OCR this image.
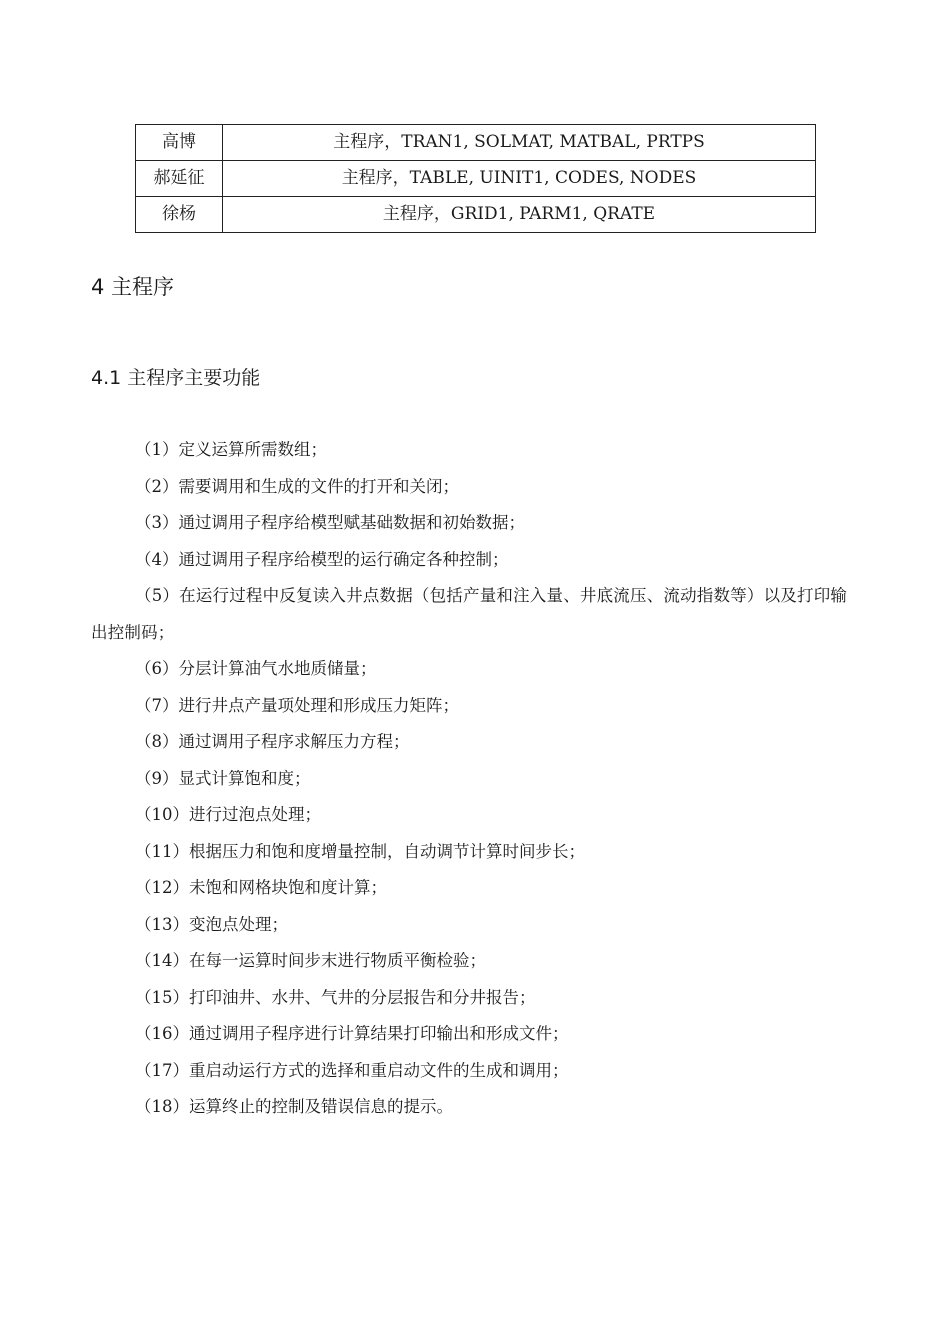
高博	主程序，TRAN1, SOLMAT, MATBAL, PRTPS
郝延征	主程序，TABLE, UINIT1, CODES, NODES
徐杨	主程序，GRID1, PARM1, QRATE
4 主程序
4.1 主程序主要功能
（1）定义运算所需数组；
（2）需要调用和生成的文件的打开和关闭；
（3）通过调用子程序给模型赋基础数据和初始数据；
（4）通过调用子程序给模型的运行确定各种控制；
（5）在运行过程中反复读入井点数据（包括产量和注入量、井底流压、流动指数等）以及打印输出控制码；
（6）分层计算油气水地质储量；
（7）进行井点产量项处理和形成压力矩阵；
（8）通过调用子程序求解压力方程；
（9）显式计算饱和度；
（10）进行过泡点处理；
（11）根据压力和饱和度增量控制，自动调节计算时间步长；
（12）未饱和网格块饱和度计算；
（13）变泡点处理；
（14）在每一运算时间步末进行物质平衡检验；
（15）打印油井、水井、气井的分层报告和分井报告；
（16）通过调用子程序进行计算结果打印输出和形成文件；
（17）重启动运行方式的选择和重启动文件的生成和调用；
（18）运算终止的控制及错误信息的提示。
